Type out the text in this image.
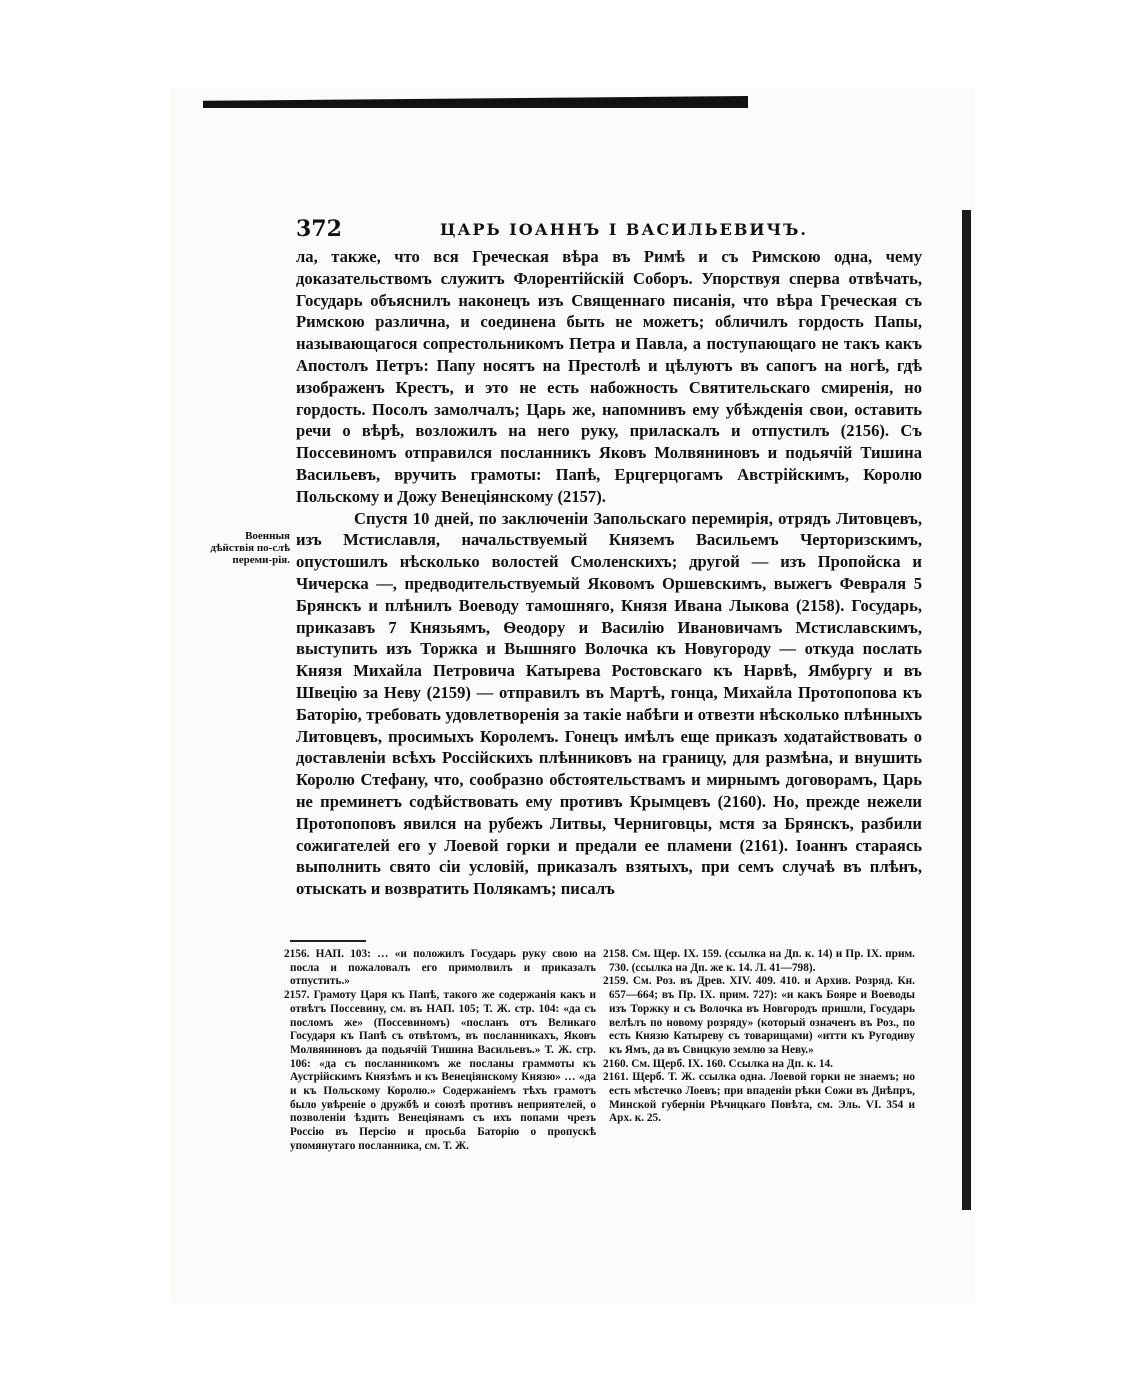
372	ЦАРЬ ІОАННЪ І ВАСИЛЬЕВИЧЪ.
Военныя дѣйствія по-слѣ переми-рія.

ла, также, что вся Греческая вѣра въ Римѣ и съ Римскою одна, чему доказательствомъ служитъ Флорентійскій Соборъ. Упорствуя сперва отвѣчать, Государь объяснилъ наконецъ изъ Священнаго писанія, что вѣра Греческая съ Римскою различна, и соединена быть не можетъ; обличилъ гордость Папы, называющагося сопрестольникомъ Петра и Павла, а поступающаго не такъ какъ Апостолъ Петръ: Папу носятъ на Престолѣ и цѣлуютъ въ сапогъ на ногѣ, гдѣ изображенъ Крестъ, и это не есть набожность Святительскаго смиренія, но гордость. Посолъ замолчалъ; Царь же, напомнивъ ему убѣжденія свои, оставить речи о вѣрѣ, возложилъ на него руку, приласкалъ и отпустилъ (2156). Съ Поссевиномъ отправился посланникъ Яковъ Молвяниновъ и подьячій Тишина Васильевъ, вручить грамоты: Папѣ, Ерцгерцогамъ Австрійскимъ, Королю Польскому и Дожу Венеціянскому (2157).

Спустя 10 дней, по заключеніи Запольскаго перемирія, отрядъ Литовцевъ, изъ Мстиславля, начальствуемый Княземъ Васильемъ Черторизскимъ, опустошилъ нѣсколько волостей Смоленскихъ; другой — изъ Пропойска и Чичерска —, предводительствуемый Яковомъ Оршевскимъ, выжегъ Февраля 5 Брянскъ и плѣнилъ Воеводу тамошняго, Князя Ивана Лыкова (2158). Государь, приказавъ 7 Князьямъ, Ѳеодору и Василію Ивановичамъ Мстиславскимъ, выступить изъ Торжка и Вышняго Волочка къ Новугороду — откуда послать Князя Михайла Петровича Катырева Ростовскаго къ Нарвѣ, Ямбургу и въ Швецію за Неву (2159) — отправилъ въ Мартѣ, гонца, Михайла Протопопова къ Баторію, требовать удовлетворенія за такіе набѣги и отвезти нѣсколько плѣнныхъ Литовцевъ, просимыхъ Королемъ. Гонецъ имѣлъ еще приказъ ходатайствовать о доставленіи всѣхъ Россійскихъ плѣнниковъ на границу, для размѣна, и внушить Королю Стефану, что, сообразно обстоятельствамъ и мирнымъ договорамъ, Царь не преминетъ содѣйствовать ему противъ Крымцевъ (2160). Но, прежде нежели Протопоповъ явился на рубежъ Литвы, Черниговцы, мстя за Брянскъ, разбили сожигателей его у Лоевой горки и предали ее пламени (2161). Іоаннъ стараясь выполнить свято сіи условій, приказалъ взятыхъ, при семъ случаѣ въ плѣнъ, отыскать и возвратить Полякамъ; писалъ

2156. НАП. 103: … «и положилъ Государь руку свою на посла и пожаловалъ его примолвилъ и приказалъ отпустить.»

2157. Грамоту Царя къ Папѣ, такого же содержанія какъ и отвѣтъ Поссевину, см. въ НАП. 105; Т. Ж. стр. 104: «да съ посломъ же» (Поссевиномъ) «посланъ отъ Великаго Государя къ Папѣ съ отвѣтомъ, въ посланникахъ, Яковъ Молвяниновъ да подьячій Тишина Васильевъ.» Т. Ж. стр. 106: «да съ посланникомъ же посланы граммоты къ Аустрійскимъ Князѣмъ и къ Венеціянскому Князю» … «да и къ Польскому Королю.» Содержаніемъ тѣхъ грамотъ было увѣреніе о дружбѣ и союзѣ противъ неприятелей, о позволеніи ѣздить Венеціянамъ съ ихъ попами чрезъ Россію въ Персію и просьба Баторію о пропускѣ упомянутаго посланника, см. Т. Ж.

2158. См. Щер. IX. 159. (ссылка на Дп. к. 14) и Пр. IX. прим. 730. (ссылка на Дп. же к. 14. Л. 41—798).

2159. См. Роз. въ Древ. XIV. 409. 410. и Архив. Розряд. Кн. 657—664; въ Пр. IX. прим. 727): «и какъ Бояре и Воеводы изъ Торжку и съ Волочка въ Новгородъ пришли, Государь велѣлъ по новому розряду» (который означенъ въ Роз., по есть Князю Катыреву съ товарищами) «итти къ Ругодиву къ Ямъ, да въ Свицкую землю за Неву.»

2160. См. Щерб. IX. 160. Ссылка на Дп. к. 14.

2161. Щерб. Т. Ж. ссылка одна. Лоевой горки не знаемъ; но есть мѣстечко Лоевъ; при впаденіи рѣки Сожи въ Днѣпръ, Минской губерніи Рѣчицкаго Повѣта, см. Эль. VI. 354 и Арх. к. 25.
